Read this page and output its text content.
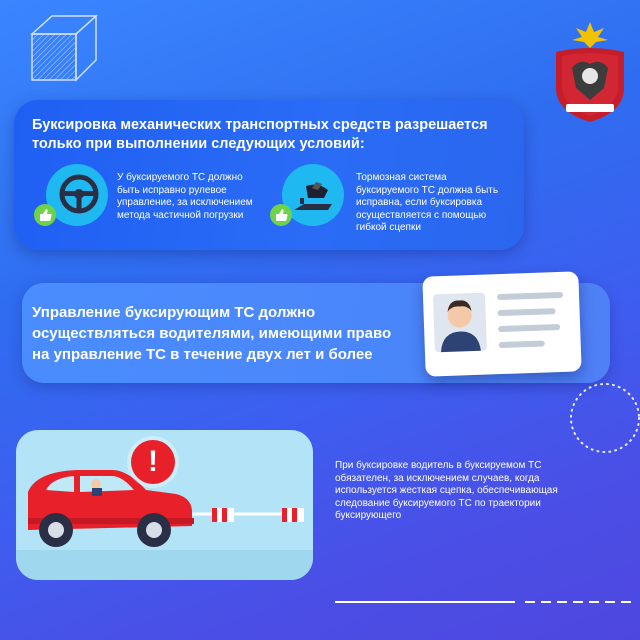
Буксировка механических транспортных средств разрешается только при выполнении следующих условий:
У буксируемого ТС должно быть исправно рулевое управление, за исключением метода частичной погрузки
Тормозная система буксируемого ТС должна быть исправна, если буксировка осуществляется с помощью гибкой сцепки
Управление буксирующим ТС должно осуществляться водителями, имеющими право на управление ТС в течение двух лет и более
!	При буксировке водитель в буксируемом ТС обязателен, за исключением случаев, когда используется жесткая сцепка, обеспечивающая следование буксируемого ТС по траектории буксирующего
